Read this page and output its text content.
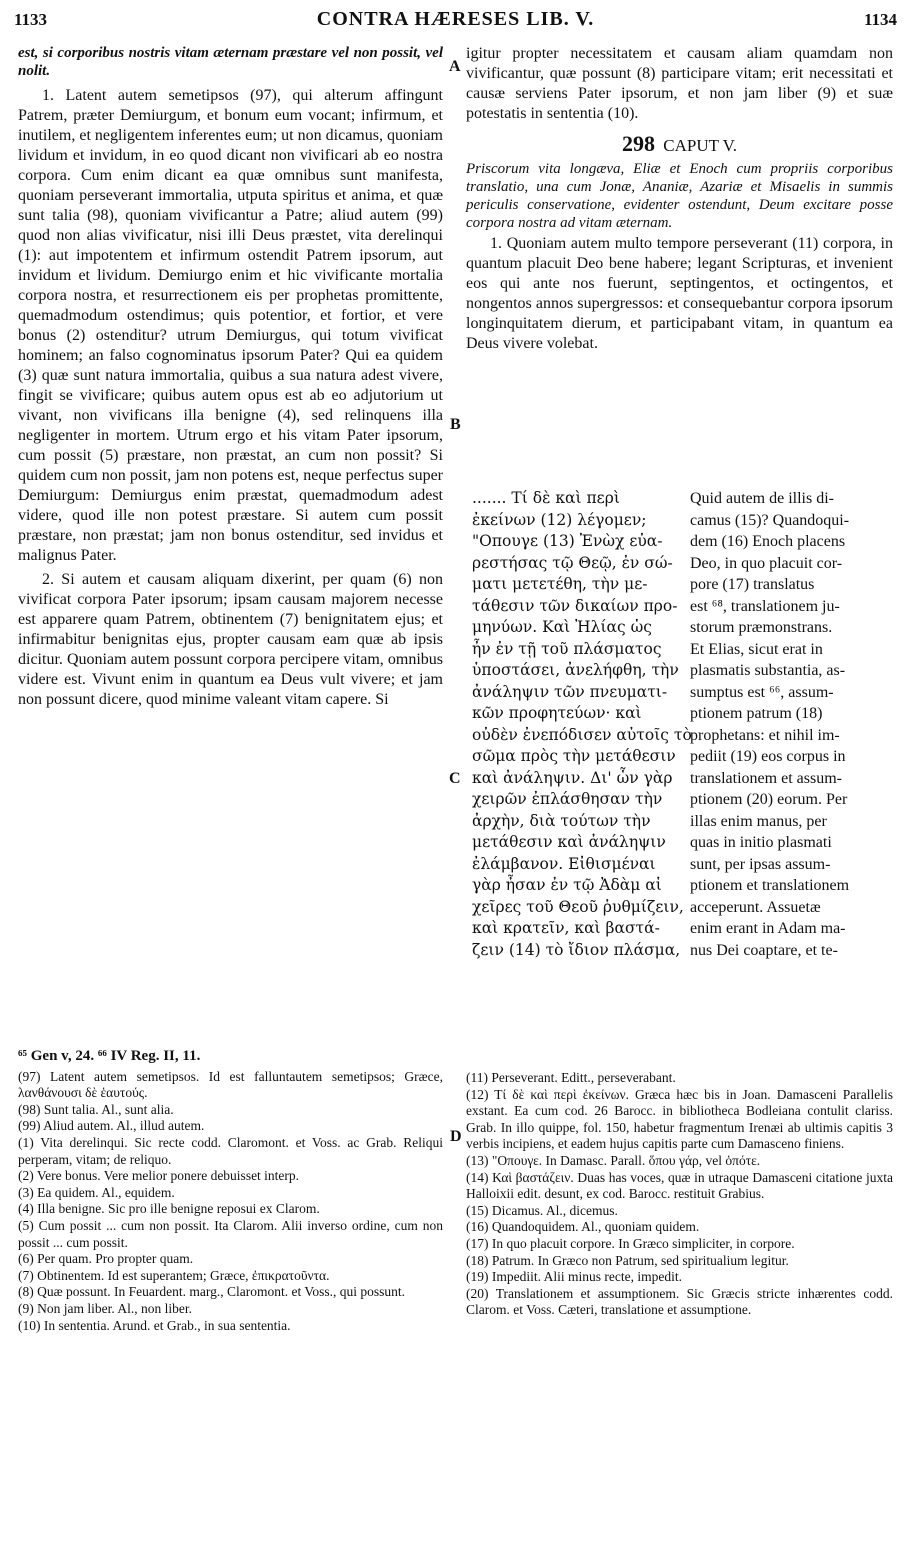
1133	CONTRA HÆRESES LIB. V.	1134
A
B
C
D

est, si corporibus nostris vitam æternam præstare vel non possit, vel nolit.

1. Latent autem semetipsos (97), qui alterum affingunt Patrem, præter Demiurgum, et bonum eum vocant; infirmum, et inutilem, et negligentem inferentes eum; ut non dicamus, quoniam lividum et invidum, in eo quod dicant non vivificari ab eo nostra corpora. Cum enim dicant ea quæ omnibus sunt manifesta, quoniam perseverant immortalia, utputa spiritus et anima, et quæ sunt talia (98), quoniam vivificantur a Patre; aliud autem (99) quod non alias vivificatur, nisi illi Deus præstet, vita derelinqui (1): aut impotentem et infirmum ostendit Patrem ipsorum, aut invidum et lividum. Demiurgo enim et hic vivificante mortalia corpora nostra, et resurrectionem eis per prophetas promittente, quemadmodum ostendimus; quis potentior, et fortior, et vere bonus (2) ostenditur? utrum Demiurgus, qui totum vivificat hominem; an falso cognominatus ipsorum Pater? Qui ea quidem (3) quæ sunt natura immortalia, quibus a sua natura adest vivere, fingit se vivificare; quibus autem opus est ab eo adjutorium ut vivant, non vivificans illa benigne (4), sed relinquens illa negligenter in mortem. Utrum ergo et his vitam Pater ipsorum, cum possit (5) præstare, non præstat, an cum non possit? Si quidem cum non possit, jam non potens est, neque perfectus super Demiurgum: Demiurgus enim præstat, quemadmodum adest videre, quod ille non potest præstare. Si autem cum possit præstare, non præstat; jam non bonus ostenditur, sed invidus et malignus Pater.

2. Si autem et causam aliquam dixerint, per quam (6) non vivificat corpora Pater ipsorum; ipsam causam majorem necesse est apparere quam Patrem, obtinentem (7) benignitatem ejus; et infirmabitur benignitas ejus, propter causam eam quæ ab ipsis dicitur. Quoniam autem possunt corpora percipere vitam, omnibus videre est. Vivunt enim in quantum ea Deus vult vivere; et jam non possunt dicere, quod minime valeant vitam capere. Si

igitur propter necessitatem et causam aliam quamdam non vivificantur, quæ possunt (8) participare vitam; erit necessitati et causæ serviens Pater ipsorum, et non jam liber (9) et suæ potestatis in sententia (10).

298 CAPUT V.

Priscorum vita longæva, Eliæ et Enoch cum propriis corporibus translatio, una cum Jonæ, Ananiæ, Azariæ et Misaelis in summis periculis conservatione, evidenter ostendunt, Deum excitare posse corpora nostra ad vitam æternam.

1. Quoniam autem multo tempore perseverant (11) corpora, in quantum placuit Deo bene habere; legant Scripturas, et invenient eos qui ante nos fuerunt, septingentos, et octingentos, et nongentos annos supergressos: et consequebantur corpora ipsorum longinquitatem dierum, et participabant vitam, in quantum ea Deus vivere volebat.

....... Τί δὲ καὶ περὶ
ἐκείνων (12) λέγομεν;
"Οπουγε (13) Ἐνὼχ εὐα-
ρεστήσας τῷ Θεῷ, ἐν σώ-
ματι μετετέθη, τὴν με-
τάθεσιν τῶν δικαίων προ-
μηνύων. Καὶ Ἠλίας ὡς
ἦν ἐν τῇ τοῦ πλάσματος
ὑποστάσει, ἀνελήφθη, τὴν
ἀνάληψιν τῶν πνευματι-
κῶν προφητεύων· καὶ
οὐδὲν ἐνεπόδισεν αὐτοῖς τὸ
σῶμα πρὸς τὴν μετάθεσιν
καὶ ἀνάληψιν. Δι' ὧν γὰρ
χειρῶν ἐπλάσθησαν τὴν
ἀρχὴν, διὰ τούτων τὴν
μετάθεσιν καὶ ἀνάληψιν
ἐλάμβανον. Εἰθισμέναι
γὰρ ἦσαν ἐν τῷ Ἀδὰμ αἱ
χεῖρες τοῦ Θεοῦ ῥυθμίζειν,
καὶ κρατεῖν, καὶ βαστά-
ζειν (14) τὸ ἴδιον πλάσμα,
Quid autem de illis di-
camus (15)? Quandoqui-
dem (16) Enoch placens
Deo, in quo placuit cor-
pore (17) translatus
est ⁶⁸, translationem ju-
storum præmonstrans.
Et Elias, sicut erat in
plasmatis substantia, as-
sumptus est ⁶⁶, assum-
ptionem patrum (18)
prophetans: et nihil im-
pediit (19) eos corpus in
translationem et assum-
ptionem (20) eorum. Per
illas enim manus, per
quas in initio plasmati
sunt, per ipsas assum-
ptionem et translationem
acceperunt. Assuetæ
enim erant in Adam ma-
nus Dei coaptare, et te-
⁶⁵ Gen v, 24. ⁶⁶ IV Reg. II, 11.
(97) Latent autem semetipsos. Id est falluntautem semetipsos; Græce, λανθάνουσι δὲ ἑαυτούς.
(98) Sunt talia. Al., sunt alia.
(99) Aliud autem. Al., illud autem.
(1) Vita derelinqui. Sic recte codd. Claromont. et Voss. ac Grab. Reliqui perperam, vitam; de reliquo.
(2) Vere bonus. Vere melior ponere debuisset interp.
(3) Ea quidem. Al., equidem.
(4) Illa benigne. Sic pro ille benigne reposui ex Clarom.
(5) Cum possit ... cum non possit. Ita Clarom. Alii inverso ordine, cum non possit ... cum possit.
(6) Per quam. Pro propter quam.
(7) Obtinentem. Id est superantem; Græce, ἐπικρατοῦντα.
(8) Quæ possunt. In Feuardent. marg., Claromont. et Voss., qui possunt.
(9) Non jam liber. Al., non liber.
(10) In sententia. Arund. et Grab., in sua sententia.
(11) Perseverant. Editt., perseverabant.
(12) Τί δὲ καὶ περὶ ἐκείνων. Græca hæc bis in Joan. Damasceni Parallelis exstant. Ea cum cod. 26 Barocc. in bibliotheca Bodleiana contulit clariss. Grab. In illo quippe, fol. 150, habetur fragmentum Irenæi ab ultimis capitis 3 verbis incipiens, et eadem hujus capitis parte cum Damasceno finiens.
(13) "Οπουγε. In Damasc. Parall. ὅπου γάρ, vel ὁπότε.
(14) Καὶ βαστάζειν. Duas has voces, quæ in utraque Damasceni citatione juxta Halloixii edit. desunt, ex cod. Barocc. restituit Grabius.
(15) Dicamus. Al., dicemus.
(16) Quandoquidem. Al., quoniam quidem.
(17) In quo placuit corpore. In Græco simpliciter, in corpore.
(18) Patrum. In Græco non Patrum, sed spiritualium legitur.
(19) Impediit. Alii minus recte, impedit.
(20) Translationem et assumptionem. Sic Græcis stricte inhærentes codd. Clarom. et Voss. Cæteri, translatione et assumptione.
